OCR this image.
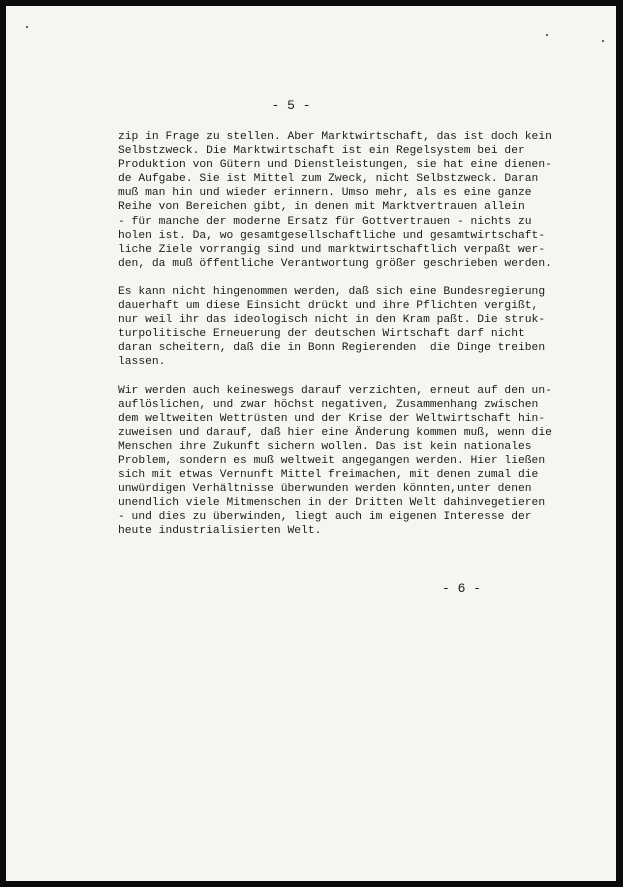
- 5 -
zip in Frage zu stellen. Aber Marktwirtschaft, das ist doch kein
Selbstzweck. Die Marktwirtschaft ist ein Regelsystem bei der
Produktion von Gütern und Dienstleistungen, sie hat eine dienen-
de Aufgabe. Sie ist Mittel zum Zweck, nicht Selbstzweck. Daran
muß man hin und wieder erinnern. Umso mehr, als es eine ganze
Reihe von Bereichen gibt, in denen mit Marktvertrauen allein
- für manche der moderne Ersatz für Gottvertrauen - nichts zu
holen ist. Da, wo gesamtgesellschaftliche und gesamtwirtschaft-
liche Ziele vorrangig sind und marktwirtschaftlich verpaßt wer-
den, da muß öffentliche Verantwortung größer geschrieben werden.
Es kann nicht hingenommen werden, daß sich eine Bundesregierung
dauerhaft um diese Einsicht drückt und ihre Pflichten vergißt,
nur weil ihr das ideologisch nicht in den Kram paßt. Die struk-
turpolitische Erneuerung der deutschen Wirtschaft darf nicht
daran scheitern, daß die in Bonn Regierenden  die Dinge treiben
lassen.
Wir werden auch keineswegs darauf verzichten, erneut auf den un-
auflöslichen, und zwar höchst negativen, Zusammenhang zwischen
dem weltweiten Wettrüsten und der Krise der Weltwirtschaft hin-
zuweisen und darauf, daß hier eine Änderung kommen muß, wenn die
Menschen ihre Zukunft sichern wollen. Das ist kein nationales
Problem, sondern es muß weltweit angegangen werden. Hier ließen
sich mit etwas Vernunft Mittel freimachen, mit denen zumal die
unwürdigen Verhältnisse überwunden werden könnten,unter denen
unendlich viele Mitmenschen in der Dritten Welt dahinvegetieren
- und dies zu überwinden, liegt auch im eigenen Interesse der
heute industrialisierten Welt.
- 6 -
